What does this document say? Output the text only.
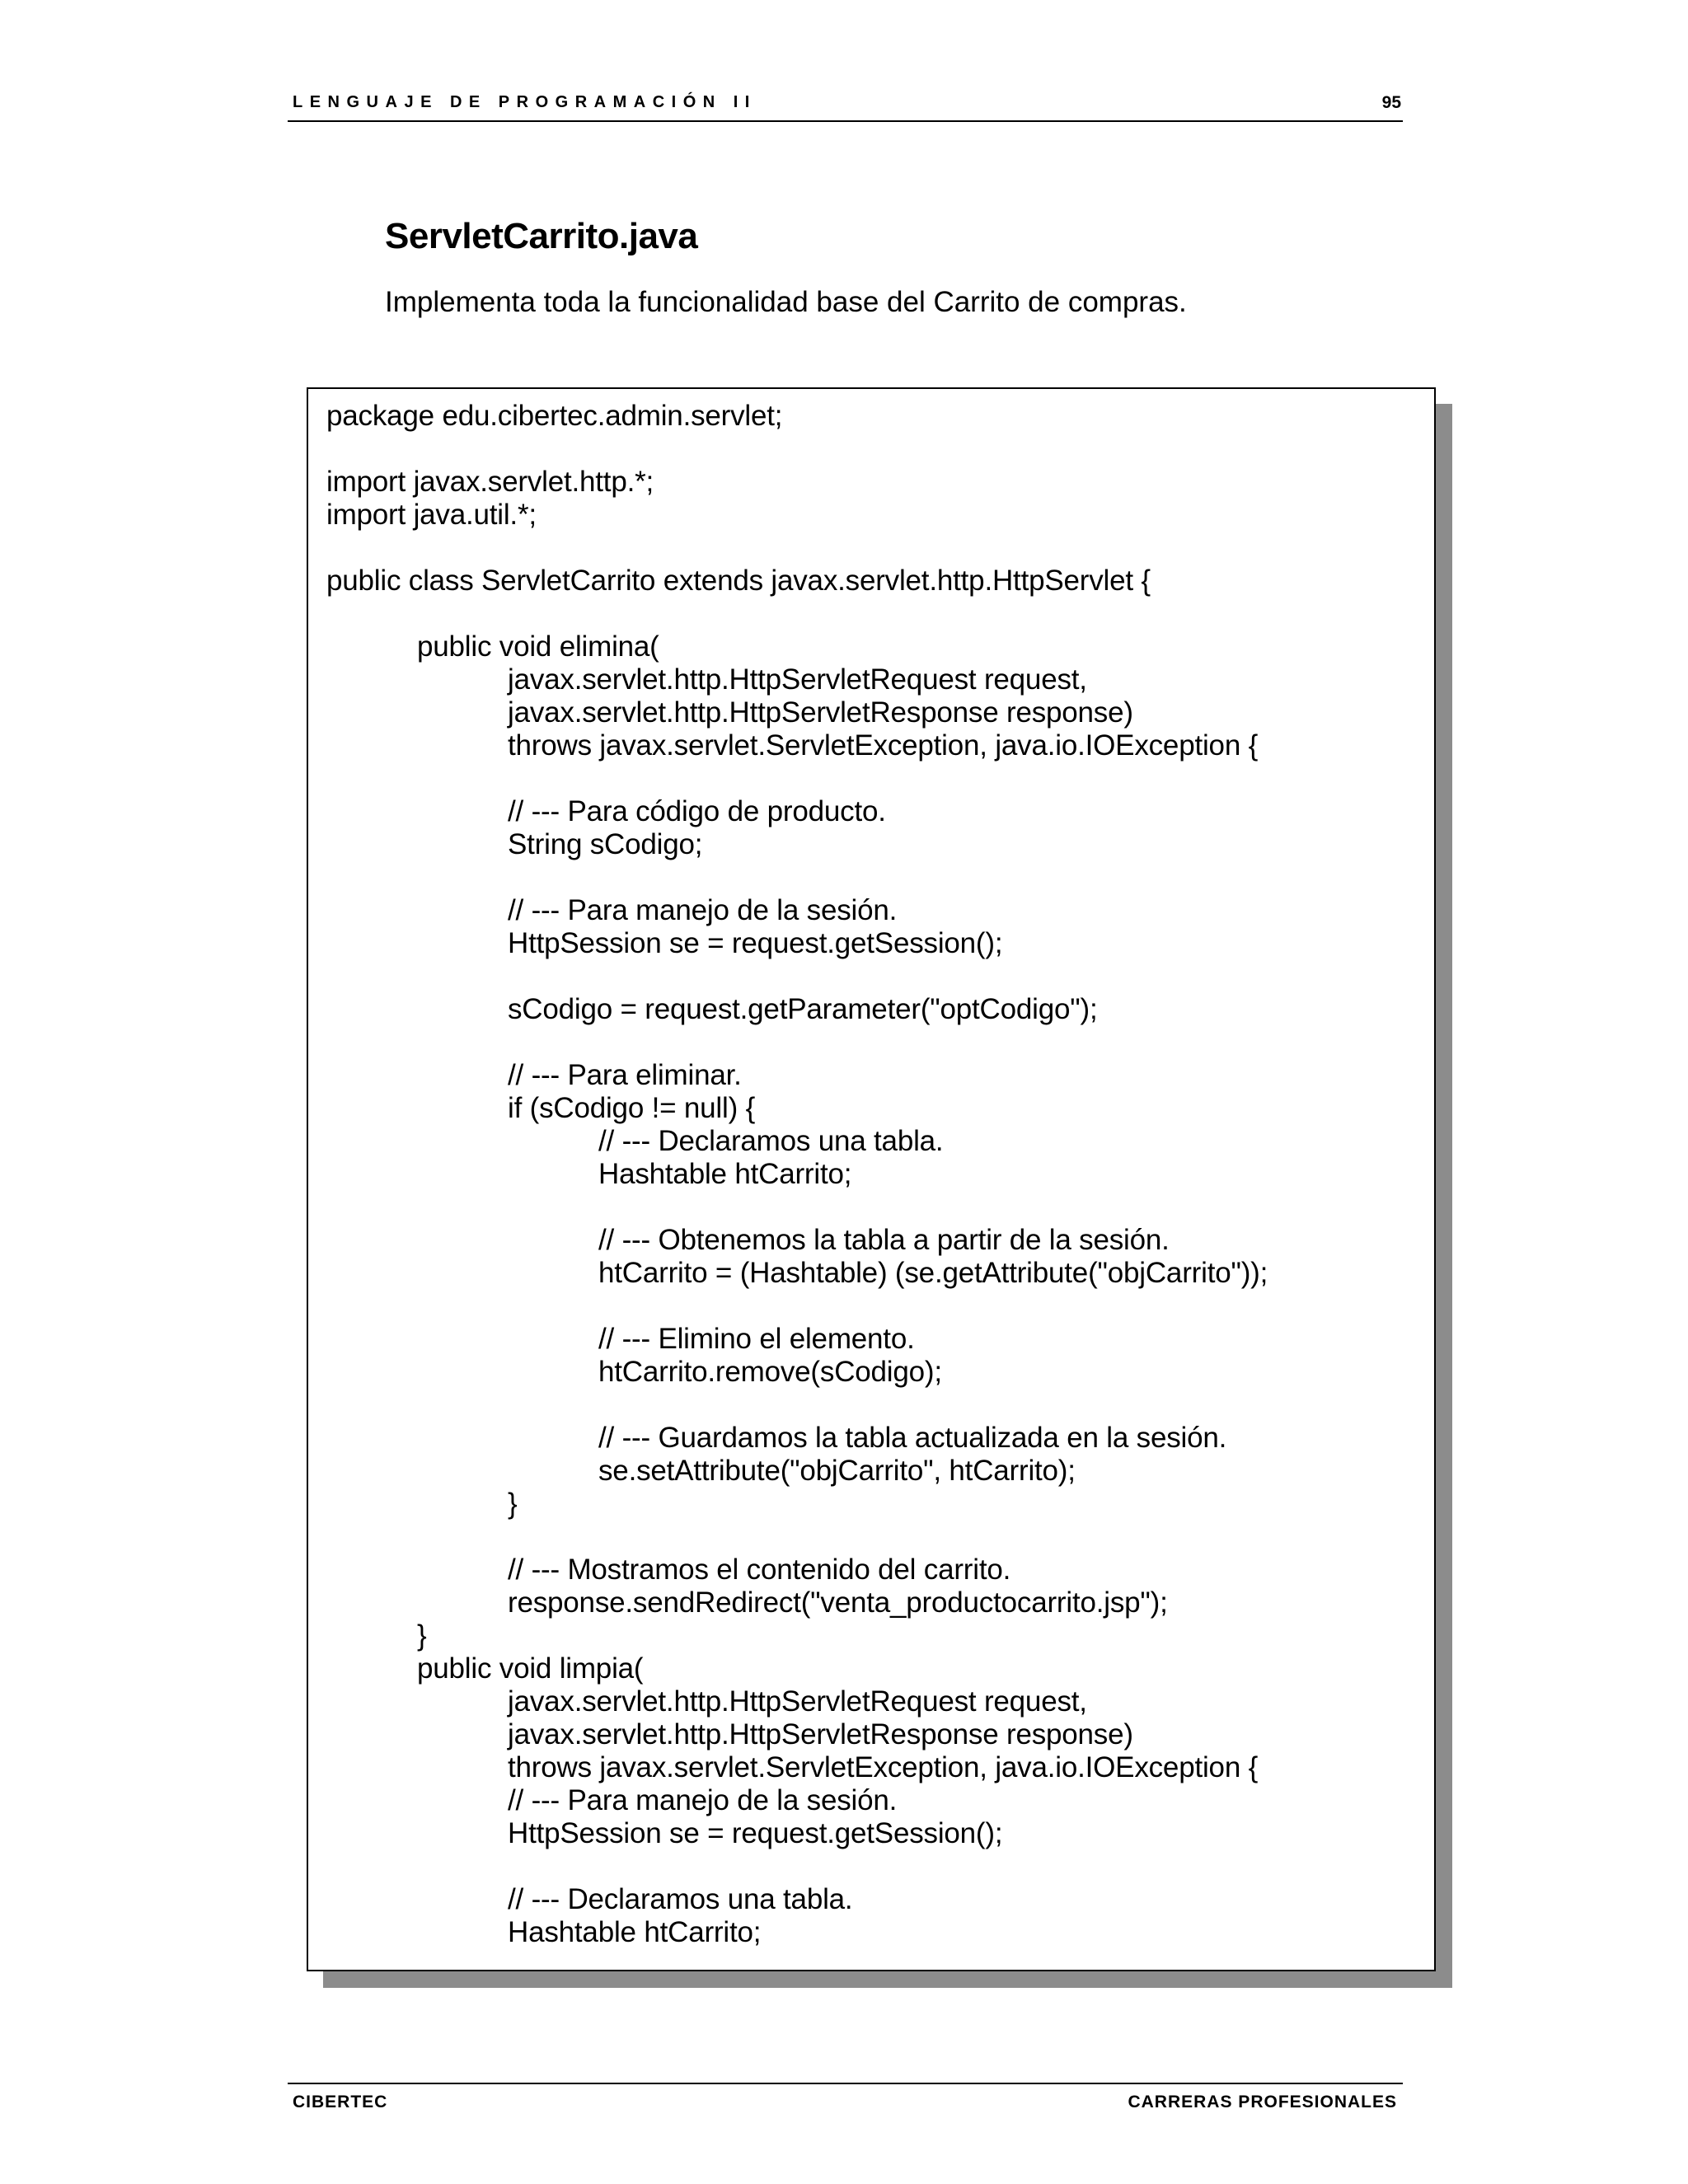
LENGUAJE DE PROGRAMACIÓN II	95
ServletCarrito.java
Implementa toda la funcionalidad base del Carrito de compras.
package edu.cibertec.admin.servlet;
import javax.servlet.http.*;
import java.util.*;
public class ServletCarrito extends javax.servlet.http.HttpServlet {
public void elimina(
javax.servlet.http.HttpServletRequest request,
javax.servlet.http.HttpServletResponse response)
throws javax.servlet.ServletException, java.io.IOException {
// --- Para código de producto.
String sCodigo;
// --- Para manejo de la sesión.
HttpSession se = request.getSession();
sCodigo = request.getParameter("optCodigo");
// --- Para eliminar.
if (sCodigo != null) {
// --- Declaramos una tabla.
Hashtable htCarrito;
// --- Obtenemos la tabla a partir de la sesión.
htCarrito = (Hashtable) (se.getAttribute("objCarrito"));
// --- Elimino el elemento.
htCarrito.remove(sCodigo);
// --- Guardamos la tabla actualizada en la sesión.
se.setAttribute("objCarrito", htCarrito);
}
// --- Mostramos el contenido del carrito.
response.sendRedirect("venta_productocarrito.jsp");
}
public void limpia(
javax.servlet.http.HttpServletRequest request,
javax.servlet.http.HttpServletResponse response)
throws javax.servlet.ServletException, java.io.IOException {
// --- Para manejo de la sesión.
HttpSession se = request.getSession();
// --- Declaramos una tabla.
Hashtable htCarrito;
CIBERTEC	CARRERAS PROFESIONALES
